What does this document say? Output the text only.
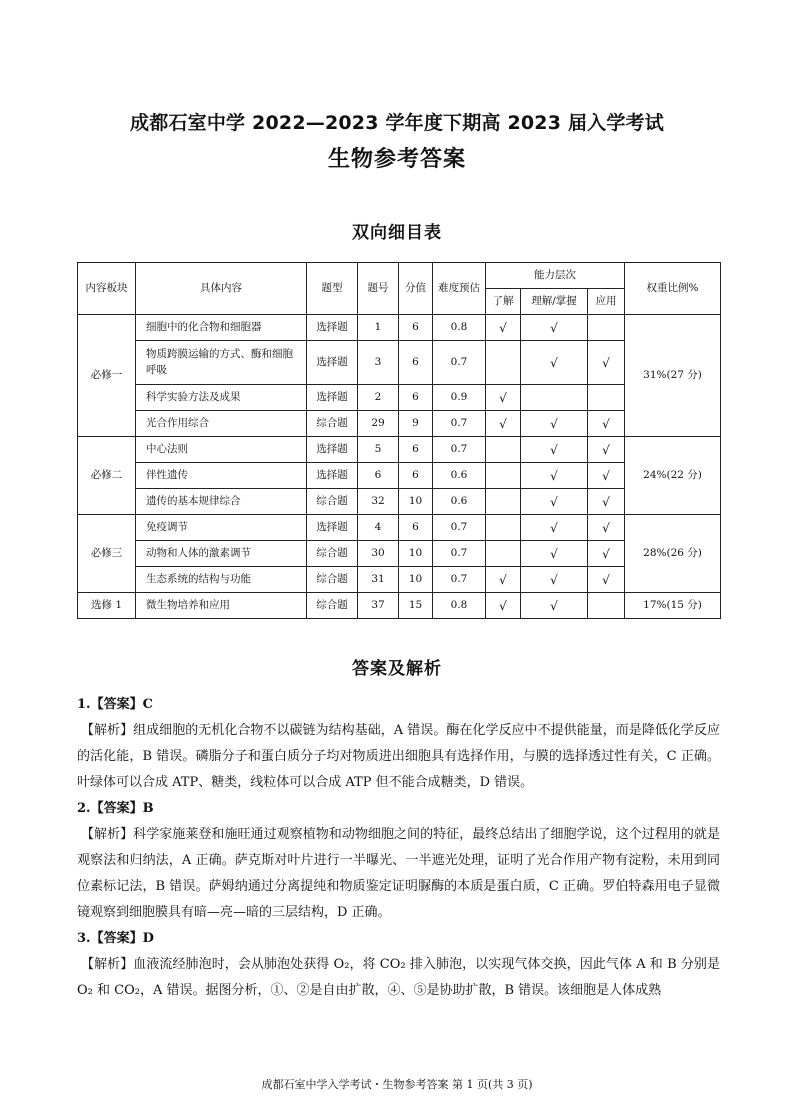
成都石室中学 2022—2023 学年度下期高 2023 届入学考试
生物参考答案
双向细目表
内容板块	具体内容	题型	题号	分值	难度预估	能力层次			权重比例%
						了解	理解/掌握	应用	
必修一	细胞中的化合物和细胞器	选择题	1	6	0.8	√	√		31%(27 分)
	物质跨膜运输的方式、酶和细胞呼吸	选择题	3	6	0.7		√	√	
	科学实验方法及成果	选择题	2	6	0.9	√			
	光合作用综合	综合题	29	9	0.7	√	√	√	
必修二	中心法则	选择题	5	6	0.7		√	√	24%(22 分)
	伴性遗传	选择题	6	6	0.6		√	√	
	遗传的基本规律综合	综合题	32	10	0.6		√	√	
必修三	免疫调节	选择题	4	6	0.7		√	√	28%(26 分)
	动物和人体的激素调节	综合题	30	10	0.7		√	√	
	生态系统的结构与功能	综合题	31	10	0.7	√	√	√	
选修 1	微生物培养和应用	综合题	37	15	0.8	√	√		17%(15 分)
答案及解析

1.【答案】C

【解析】组成细胞的无机化合物不以碳链为结构基础，A 错误。酶在化学反应中不提供能量，而是降低化学反应的活化能，B 错误。磷脂分子和蛋白质分子均对物质进出细胞具有选择作用，与膜的选择透过性有关，C 正确。叶绿体可以合成 ATP、糖类，线粒体可以合成 ATP 但不能合成糖类，D 错误。

2.【答案】B

【解析】科学家施莱登和施旺通过观察植物和动物细胞之间的特征，最终总结出了细胞学说，这个过程用的就是观察法和归纳法，A 正确。萨克斯对叶片进行一半曝光、一半遮光处理，证明了光合作用产物有淀粉，未用到同位素标记法，B 错误。萨姆纳通过分离提纯和物质鉴定证明脲酶的本质是蛋白质，C 正确。罗伯特森用电子显微镜观察到细胞膜具有暗—亮—暗的三层结构，D 正确。

3.【答案】D

【解析】血液流经肺泡时，会从肺泡处获得 O₂，将 CO₂ 排入肺泡，以实现气体交换，因此气体 A 和 B 分别是 O₂ 和 CO₂，A 错误。据图分析，①、②是自由扩散，④、⑤是协助扩散，B 错误。该细胞是人体成熟

成都石室中学入学考试・生物参考答案 第 1 页(共 3 页)
